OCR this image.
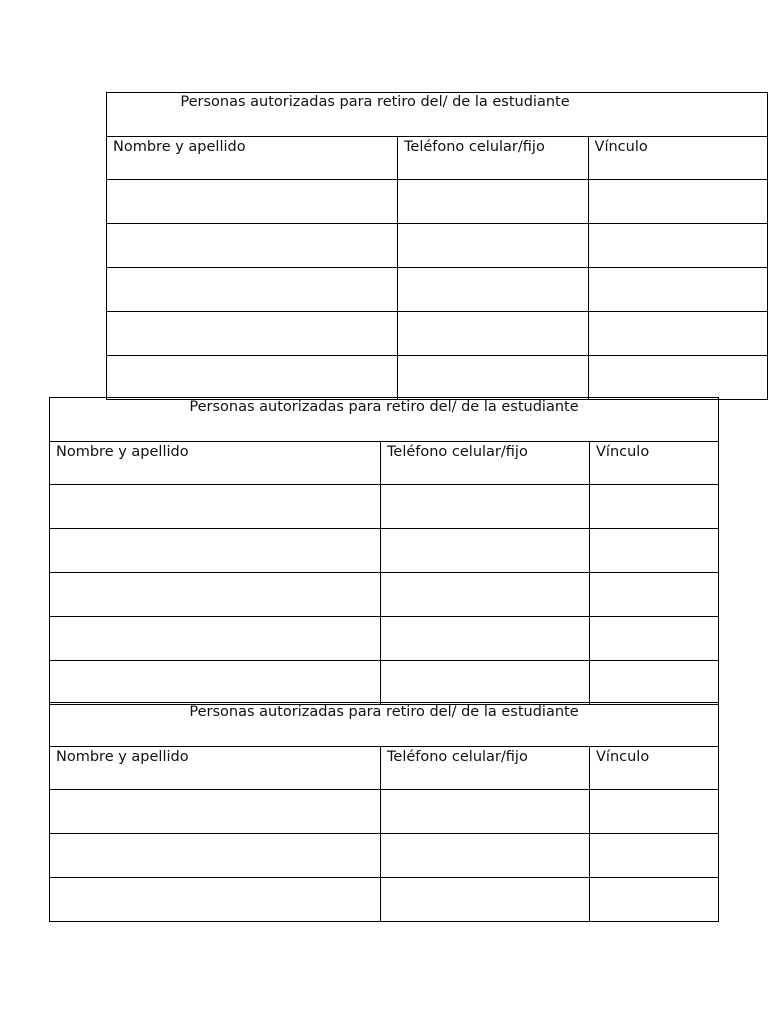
Personas autorizadas para retiro del/ de la estudiante		
Nombre y apellido	Teléfono celular/fijo	Vínculo

Personas autorizadas para retiro del/ de la estudiante		
Nombre y apellido	Teléfono celular/fijo	Vínculo

Personas autorizadas para retiro del/ de la estudiante		
Nombre y apellido	Teléfono celular/fijo	Vínculo
